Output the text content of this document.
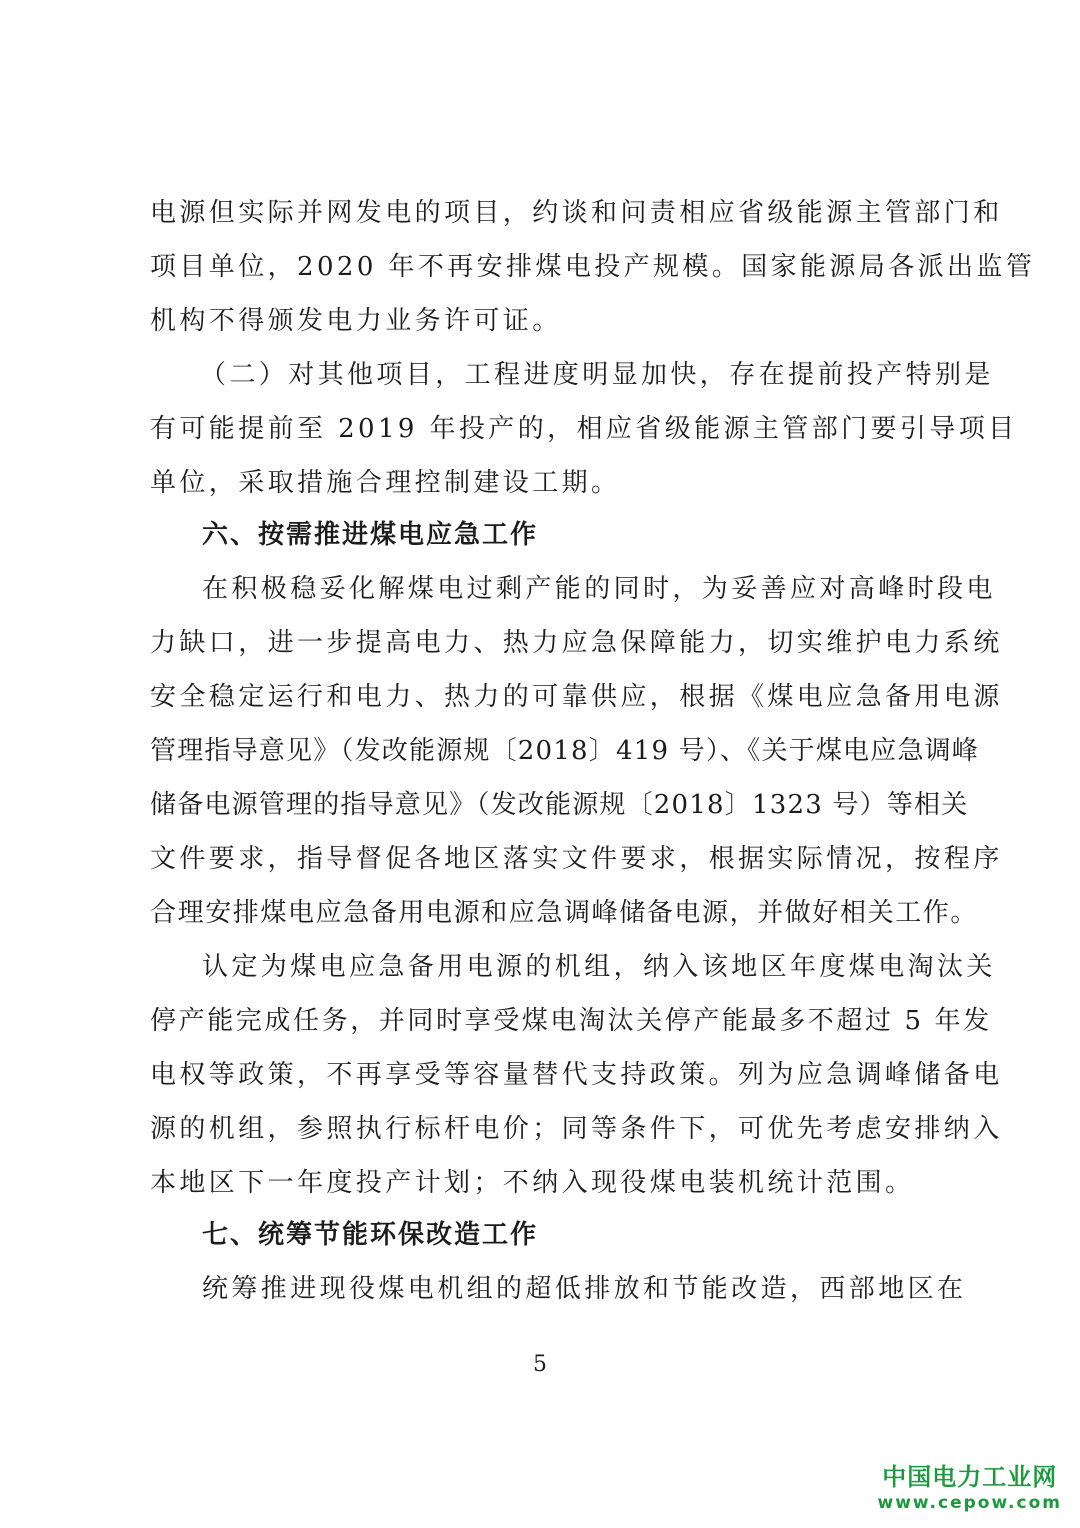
电源但实际并网发电的项目，约谈和问责相应省级能源主管部门和
项目单位，2020 年不再安排煤电投产规模。国家能源局各派出监管
机构不得颁发电力业务许可证。
（二）对其他项目，工程进度明显加快，存在提前投产特别是
有可能提前至 2019 年投产的，相应省级能源主管部门要引导项目
单位，采取措施合理控制建设工期。
六、按需推进煤电应急工作
在积极稳妥化解煤电过剩产能的同时，为妥善应对高峰时段电
力缺口，进一步提高电力、热力应急保障能力，切实维护电力系统
安全稳定运行和电力、热力的可靠供应，根据《煤电应急备用电源
管理指导意见》（发改能源规〔2018〕419 号）、《关于煤电应急调峰
储备电源管理的指导意见》（发改能源规〔2018〕1323 号）等相关
文件要求，指导督促各地区落实文件要求，根据实际情况，按程序
合理安排煤电应急备用电源和应急调峰储备电源，并做好相关工作。
认定为煤电应急备用电源的机组，纳入该地区年度煤电淘汰关
停产能完成任务，并同时享受煤电淘汰关停产能最多不超过 5 年发
电权等政策，不再享受等容量替代支持政策。列为应急调峰储备电
源的机组，参照执行标杆电价；同等条件下，可优先考虑安排纳入
本地区下一年度投产计划；不纳入现役煤电装机统计范围。
七、统筹节能环保改造工作
统筹推进现役煤电机组的超低排放和节能改造，西部地区在
5
中国电力工业网
www.cepow.com
